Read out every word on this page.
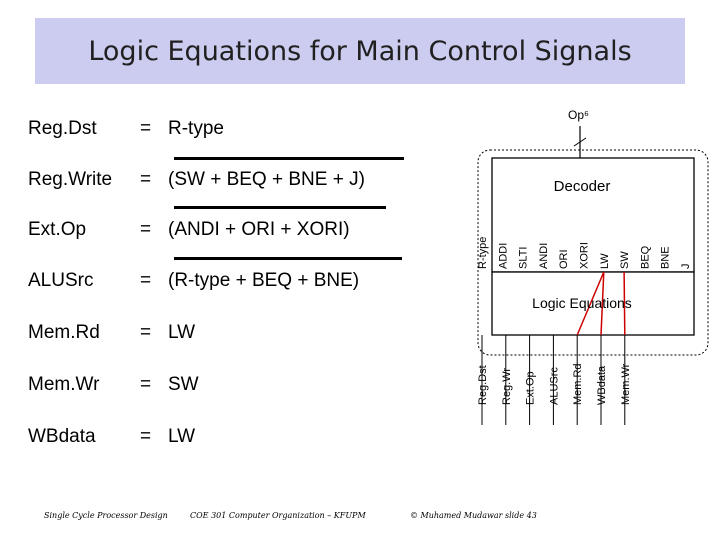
Logic Equations for Main Control Signals
Reg.Dst = R-type
Reg.Write = (SW + BEQ + BNE + J)
Ext.Op	= (ANDI + ORI + XORI)
ALUSrc = (R-type + BEQ + BNE)
Mem.Rd = LW
Mem.Wr = SW
WBdata = LW
Op⁶
Decoder
R-type ADDI SLTI ANDI ORI XORI LW SW BEQ BNE J
Logic Equations
Reg.Dst Reg.Wr Ext.Op ALUSrc Mem.Rd WBdata Mem.Wr
Single Cycle Processor Design	COE 301 Computer Organization – KFUPM	© Muhamed Mudawar slide 43
